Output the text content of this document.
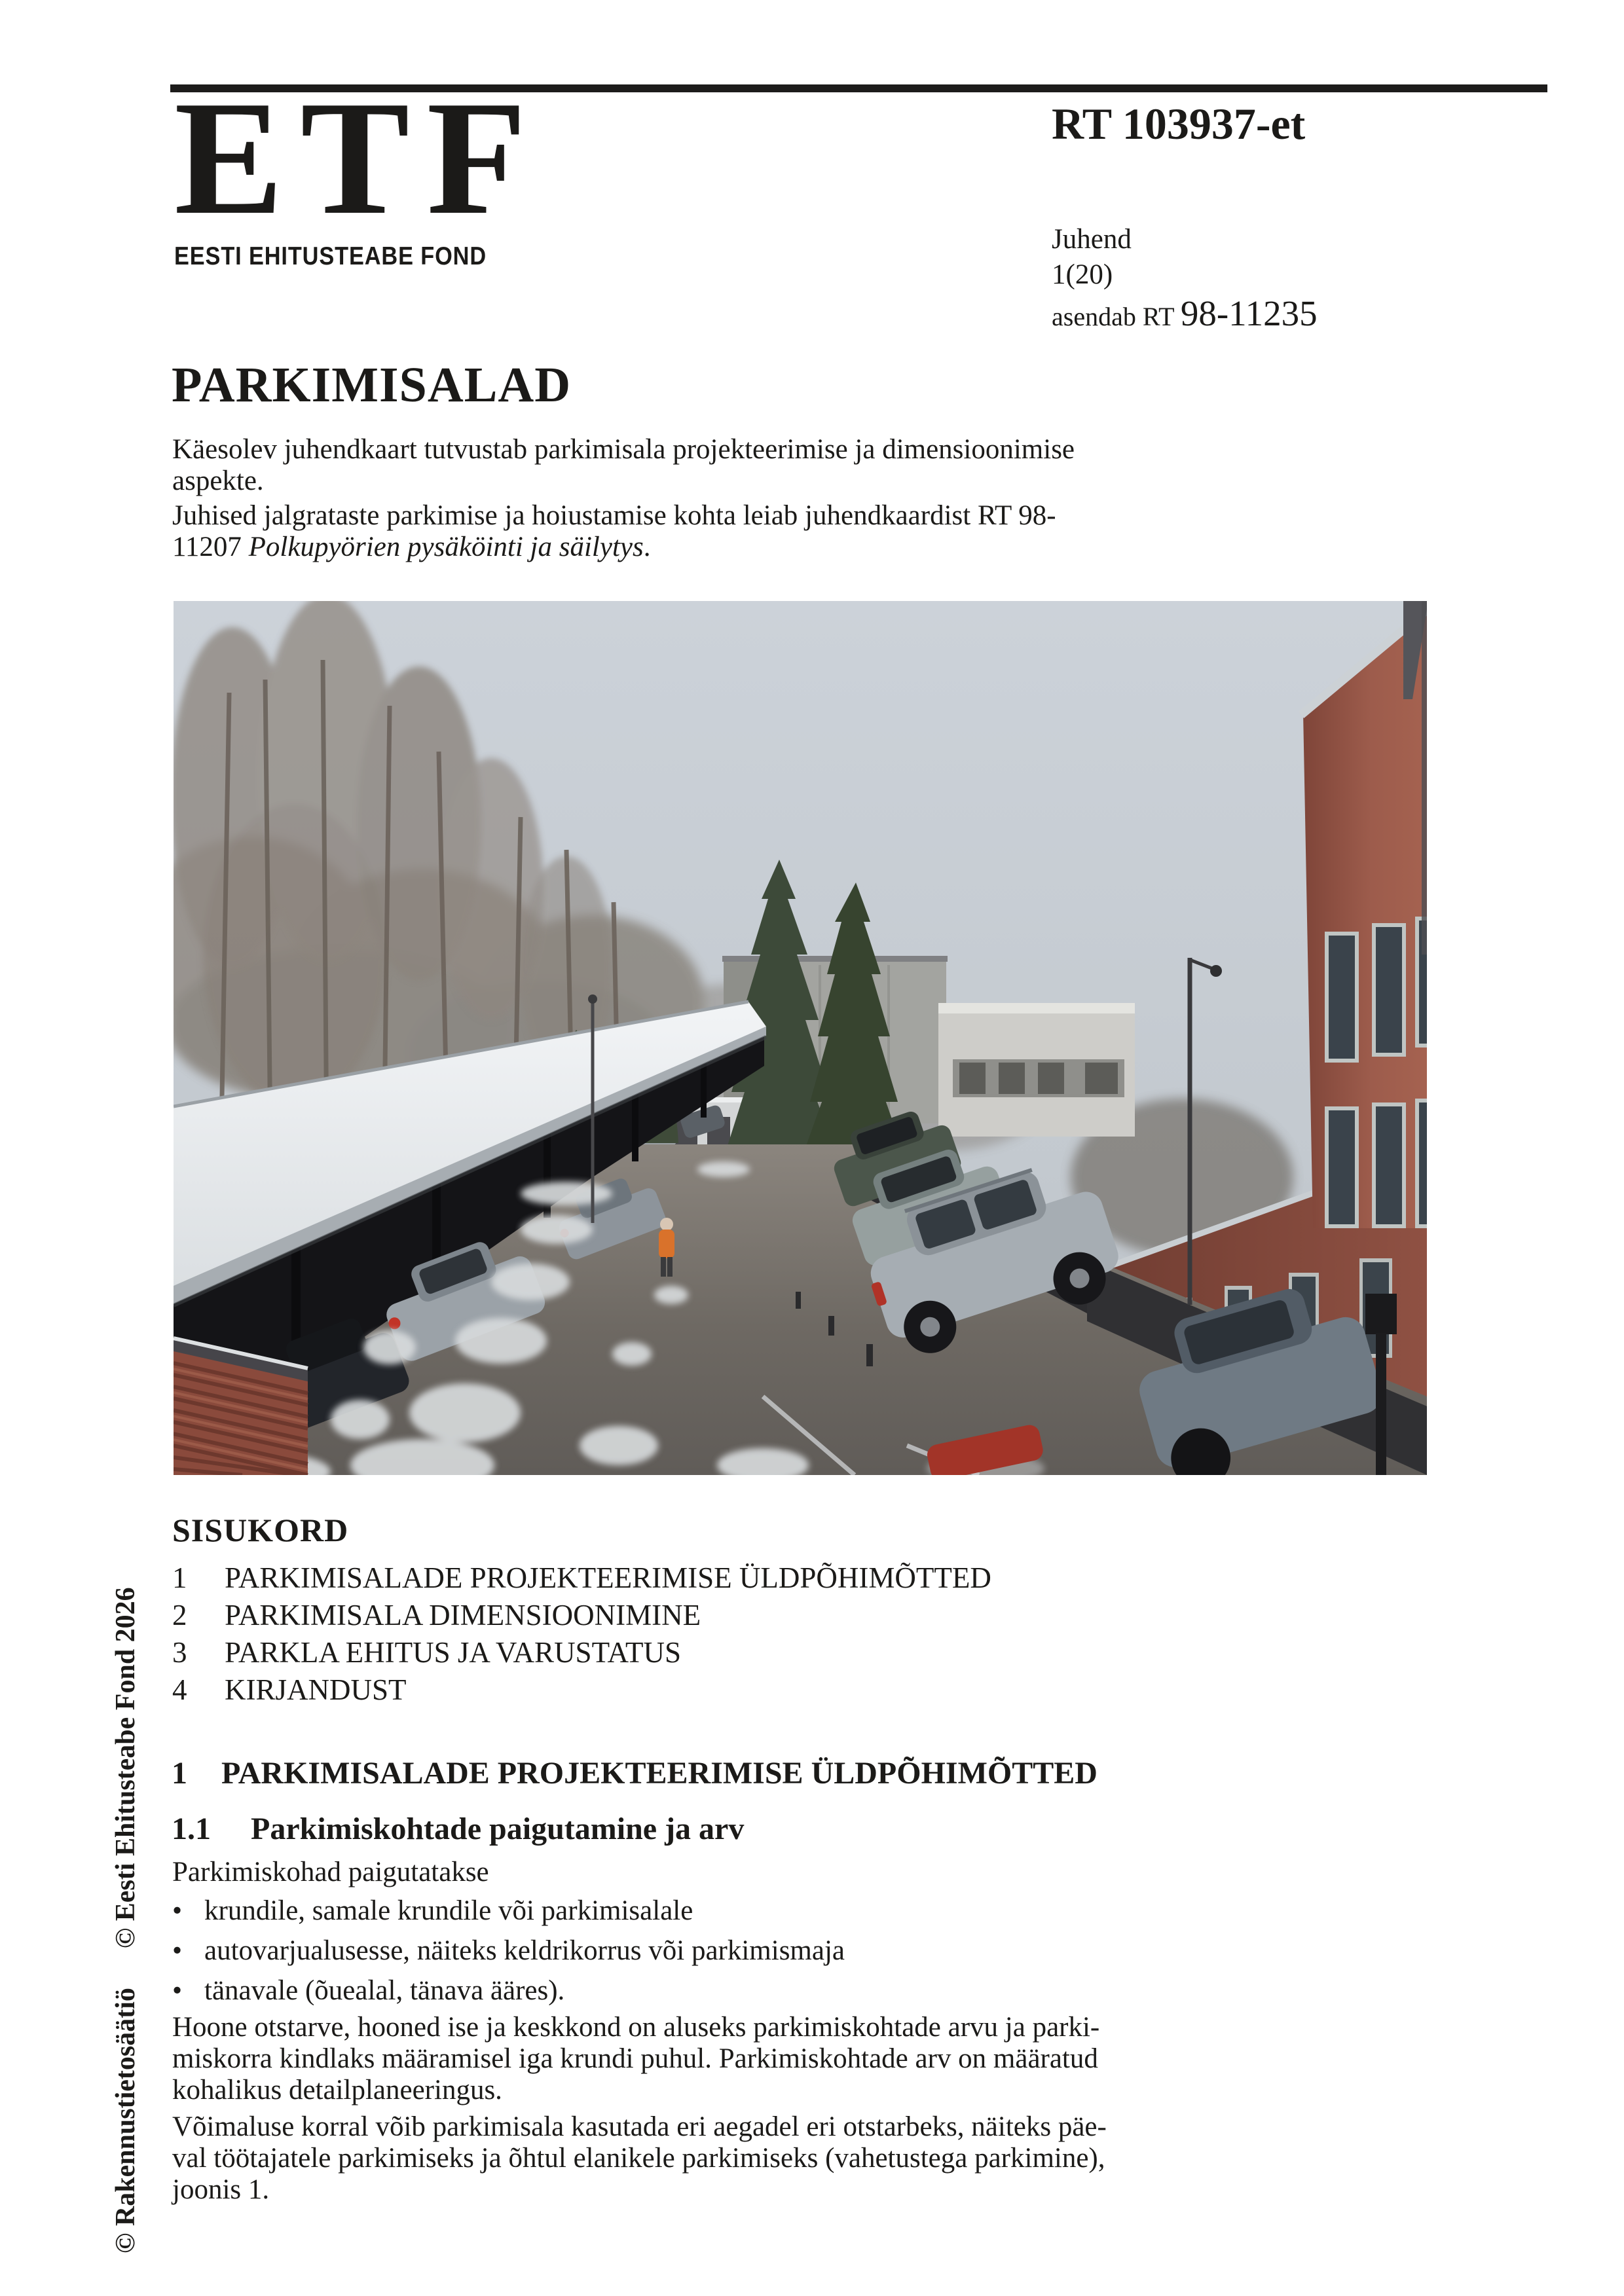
ETF
EESTI EHITUSTEABE FOND
RT 103937-et
Juhend
1(20)
asendab RT 98-11235
PARKIMISALAD
Käesolev juhendkaart tutvustab parkimisala projekteerimise ja dimensioonimise
aspekte.
Juhised jalgrataste parkimise ja hoiustamise kohta leiab juhendkaardist RT 98-
11207 Polkupyörien pysäköinti ja säilytys.
SISUKORD
1 PARKIMISALADE PROJEKTEERIMISE ÜLDPÕHIMÕTTED
2 PARKIMISALA DIMENSIOONIMINE
3 PARKLA EHITUS JA VARUSTATUS
4 KIRJANDUST
1 PARKIMISALADE PROJEKTEERIMISE ÜLDPÕHIMÕTTED
1.1 Parkimiskohtade paigutamine ja arv
Parkimiskohad paigutatakse
• krundile, samale krundile või parkimisalale
• autovarjualusesse, näiteks keldrikorrus või parkimismaja
• tänavale (õuealal, tänava ääres).
Hoone otstarve, hooned ise ja keskkond on aluseks parkimiskohtade arvu ja parki-
miskorra kindlaks määramisel iga krundi puhul. Parkimiskohtade arv on määratud
kohalikus detailplaneeringus.
Võimaluse korral võib parkimisala kasutada eri aegadel eri otstarbeks, näiteks päe-
val töötajatele parkimiseks ja õhtul elanikele parkimiseks (vahetustega parkimine),
joonis 1.
© Rakennustietosäätiö© Eesti Ehitusteabe Fond 2026
